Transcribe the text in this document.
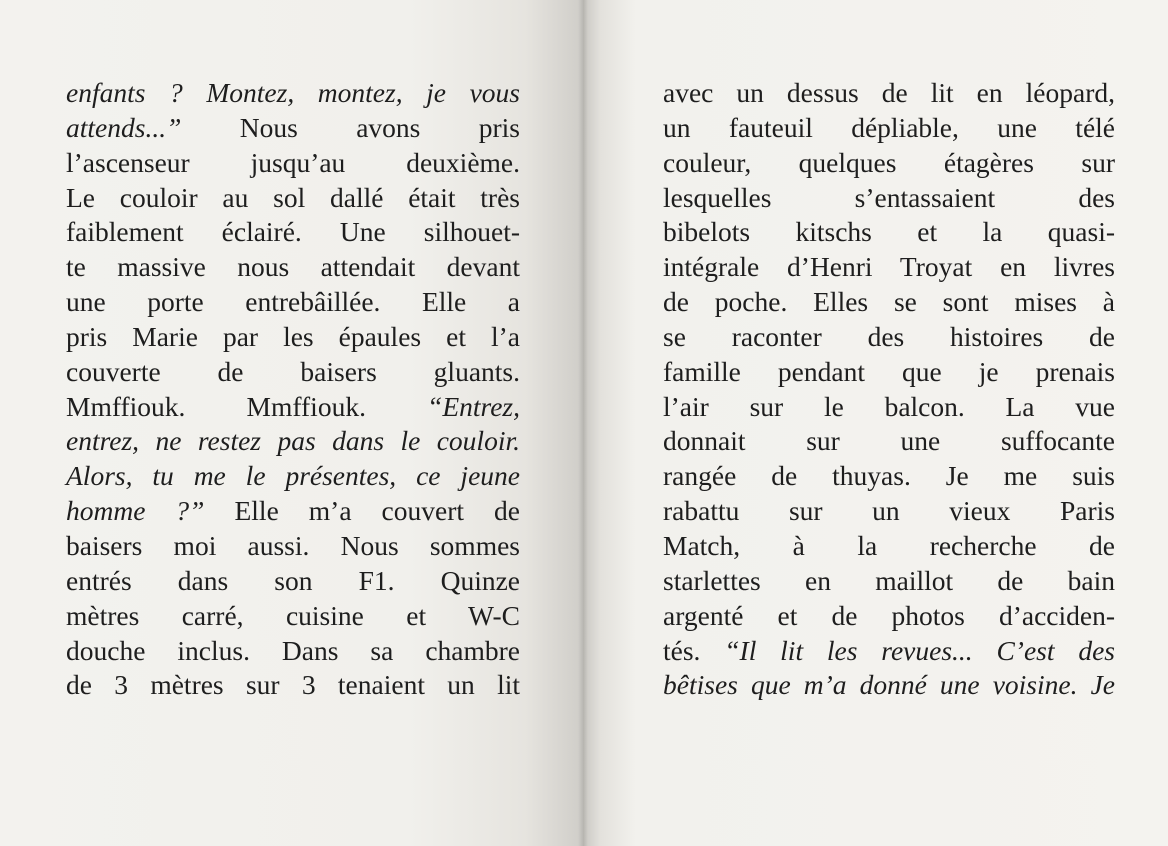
enfants ? Montez, montez, je vous
attends...” Nous avons pris
l’ascenseur jusqu’au deuxième.
Le couloir au sol dallé était très
faiblement éclairé. Une silhouet-
te massive nous attendait devant
une porte entrebâillée. Elle a
pris Marie par les épaules et l’a
couverte de baisers gluants.
Mmffiouk. Mmffiouk. “Entrez,
entrez, ne restez pas dans le couloir.
Alors, tu me le présentes, ce jeune
homme ?” Elle m’a couvert de
baisers moi aussi. Nous sommes
entrés dans son F1. Quinze
mètres carré, cuisine et W-C
douche inclus. Dans sa chambre
de 3 mètres sur 3 tenaient un lit
avec un dessus de lit en léopard,
un fauteuil dépliable, une télé
couleur, quelques étagères sur
lesquelles s’entassaient des
bibelots kitschs et la quasi-
intégrale d’Henri Troyat en livres
de poche. Elles se sont mises à
se raconter des histoires de
famille pendant que je prenais
l’air sur le balcon. La vue
donnait sur une suffocante
rangée de thuyas. Je me suis
rabattu sur un vieux Paris
Match, à la recherche de
starlettes en maillot de bain
argenté et de photos d’acciden-
tés. “Il lit les revues... C’est des
bêtises que m’a donné une voisine. Je
